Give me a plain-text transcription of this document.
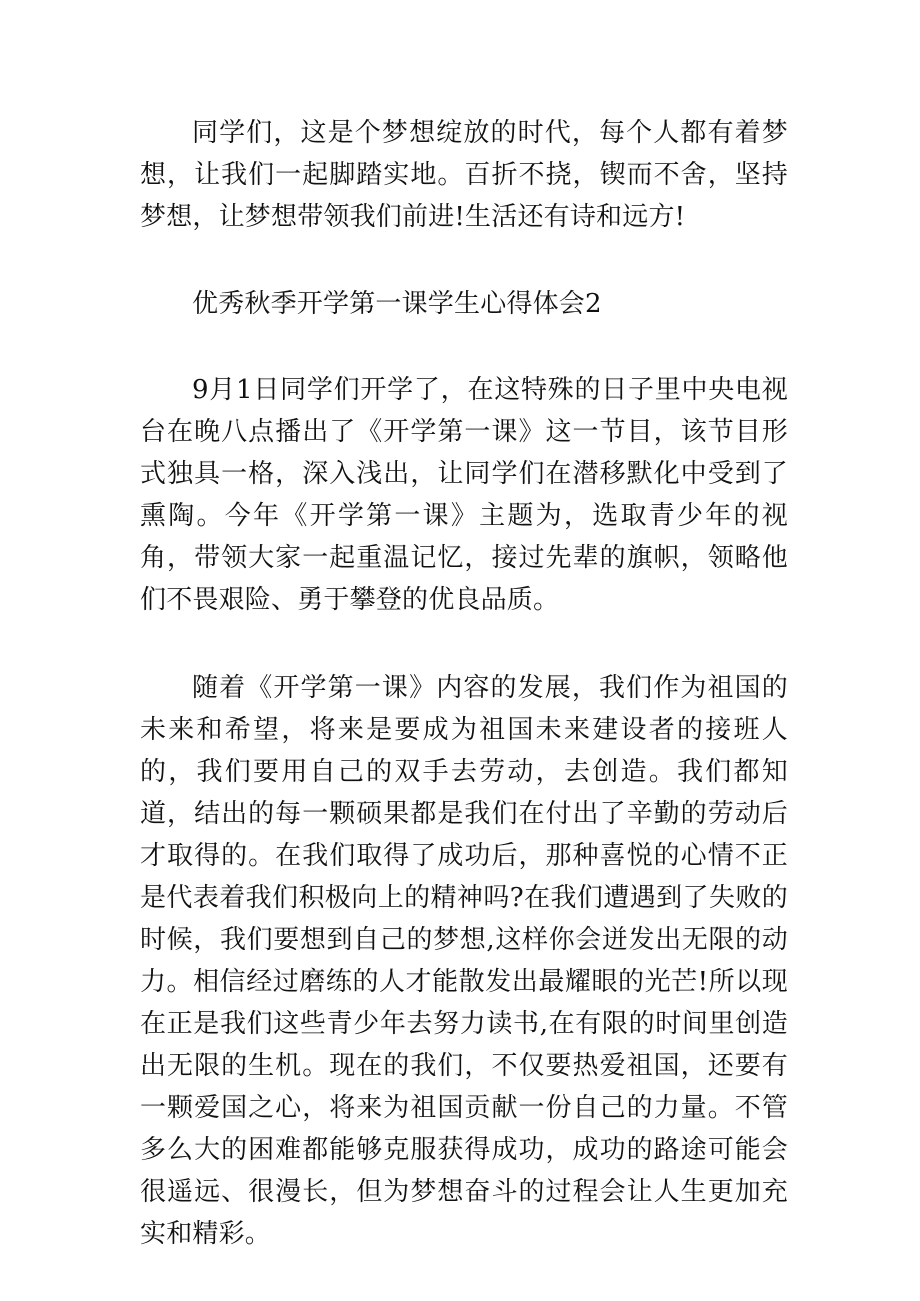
同学们，这是个梦想绽放的时代，每个人都有着梦想，让我们一起脚踏实地。百折不挠，锲而不舍，坚持梦想，让梦想带领我们前进!生活还有诗和远方!

优秀秋季开学第一课学生心得体会2

9月1日同学们开学了，在这特殊的日子里中央电视台在晚八点播出了《开学第一课》这一节目，该节目形式独具一格，深入浅出，让同学们在潜移默化中受到了熏陶。今年《开学第一课》主题为，选取青少年的视角，带领大家一起重温记忆，接过先辈的旗帜，领略他们不畏艰险、勇于攀登的优良品质。

随着《开学第一课》内容的发展，我们作为祖国的未来和希望，将来是要成为祖国未来建设者的接班人的，我们要用自己的双手去劳动，去创造。我们都知道，结出的每一颗硕果都是我们在付出了辛勤的劳动后才取得的。在我们取得了成功后，那种喜悦的心情不正是代表着我们积极向上的精神吗?在我们遭遇到了失败的时候，我们要想到自己的梦想,这样你会迸发出无限的动力。相信经过磨练的人才能散发出最耀眼的光芒!所以现在正是我们这些青少年去努力读书,在有限的时间里创造出无限的生机。现在的我们，不仅要热爱祖国，还要有一颗爱国之心，将来为祖国贡献一份自己的力量。不管多么大的困难都能够克服获得成功，成功的路途可能会很遥远、很漫长，但为梦想奋斗的过程会让人生更加充实和精彩。
